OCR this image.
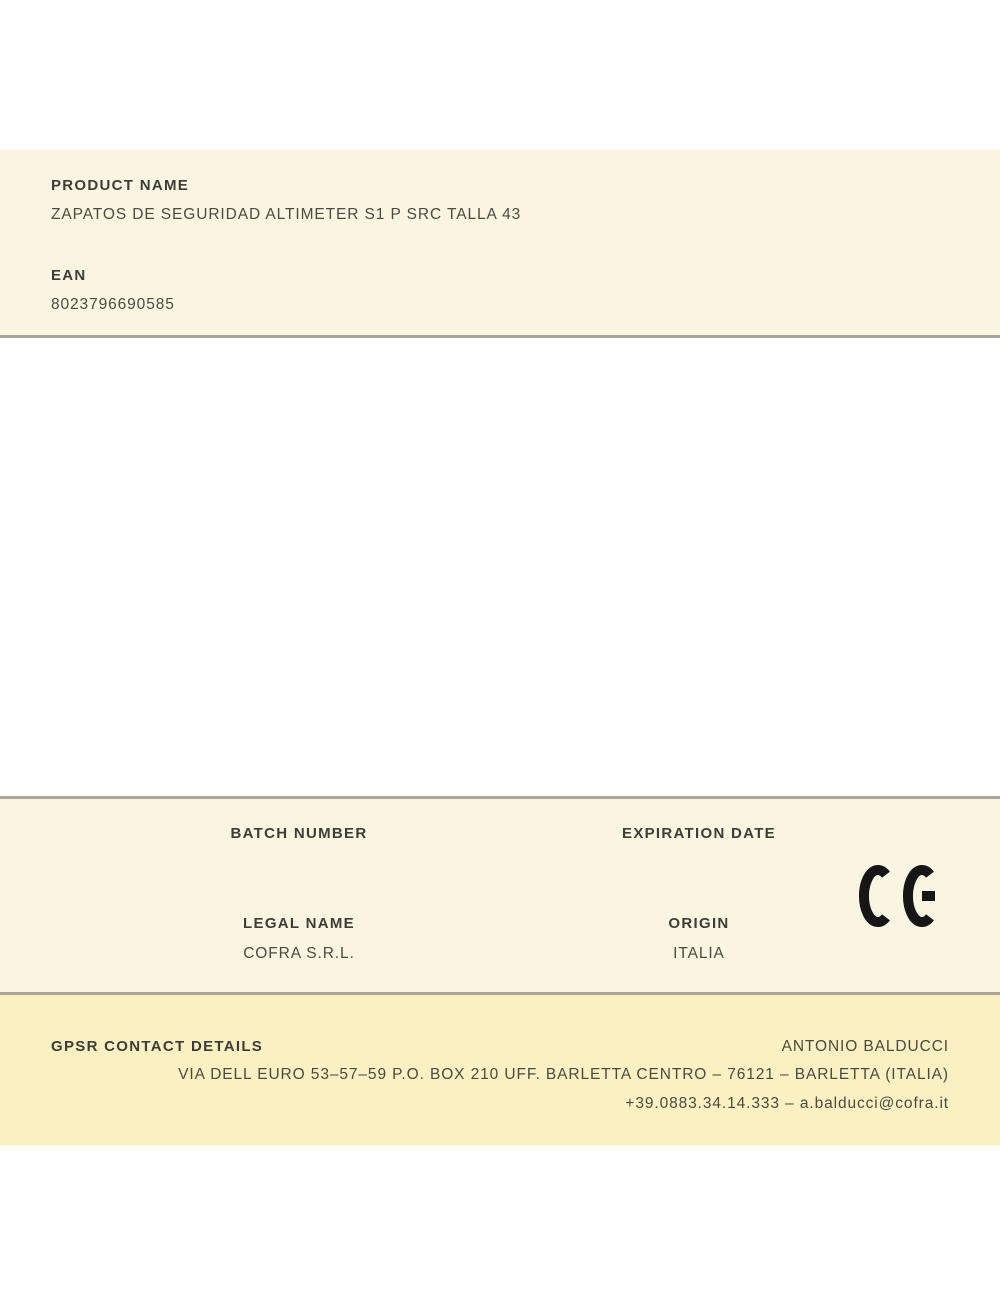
PRODUCT NAME
ZAPATOS DE SEGURIDAD ALTIMETER S1 P SRC TALLA 43
EAN
8023796690585
BATCH NUMBER	EXPIRATION DATE
LEGAL NAME
COFRA S.R.L.
ORIGIN
ITALIA
GPSR CONTACT DETAILS	ANTONIO BALDUCCI
VIA DELL EURO 53–57–59 P.O. BOX 210 UFF. BARLETTA CENTRO – 76121 – BARLETTA (ITALIA)
+39.0883.34.14.333 – a.balducci@cofra.it
